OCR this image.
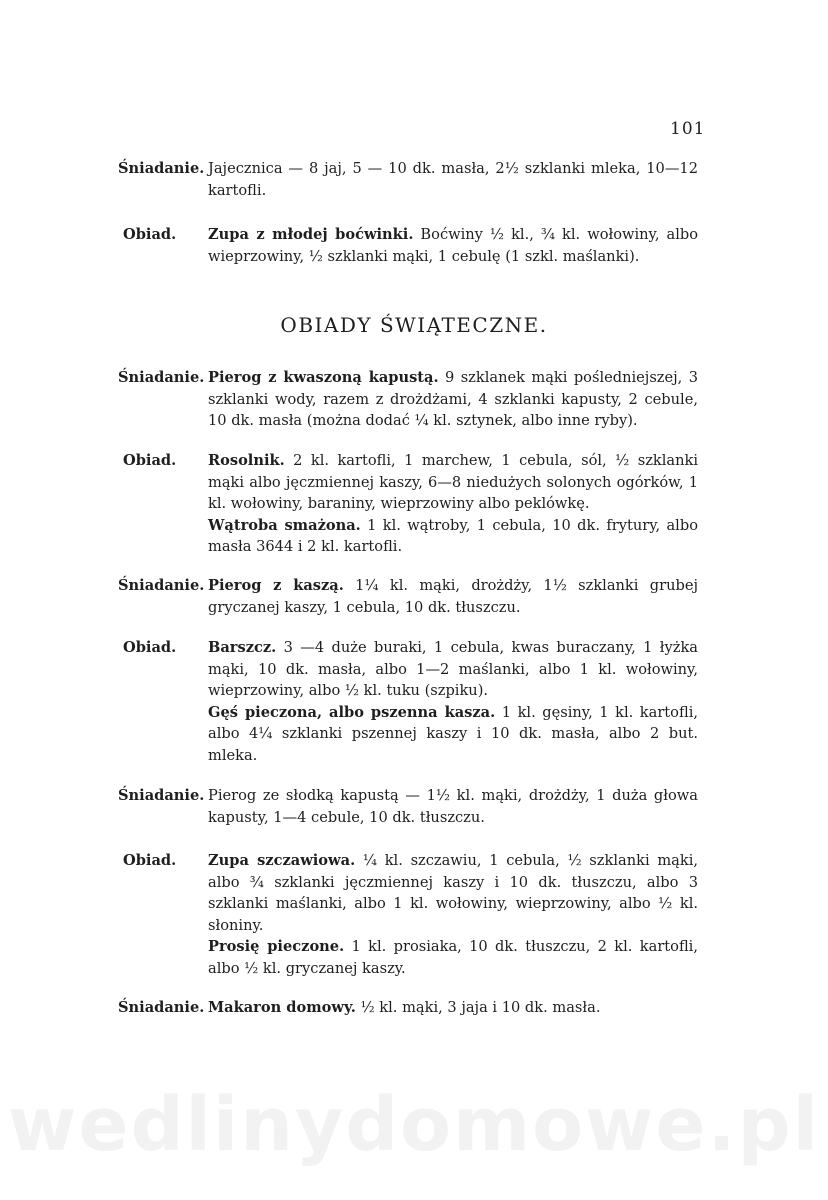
101
Śniadanie. Jajecznica — 8 jaj, 5 — 10 dk. masła, 2½ szklanki mleka, 10—12 kartofli.

Obiad.	Zupa z młodej boćwinki. Boćwiny ½ kl., ¾ kl. wołowiny, albo wieprzowiny, ½ szklanki mąki, 1 cebulę (1 szkl. maślanki).

OBIADY ŚWIĄTECZNE.
Śniadanie. Pierog z kwaszoną kapustą. 9 szklanek mąki pośledniejszej, 3 szklanki wody, razem z drożdżami, 4 szklanki kapusty, 2 cebule, 10 dk. masła (można dodać ¼ kl. sztynek, albo inne ryby).

Obiad.	Rosolnik. 2 kl. kartofli, 1 marchew, 1 cebula, sól, ½ szklanki mąki albo jęczmiennej kaszy, 6—8 niedużych solonych ogórków, 1 kl. wołowiny, baraniny, wieprzowiny albo peklówkę.

Wątroba smażona. 1 kl. wątroby, 1 cebula, 10 dk. frytury, albo masła 3644 i 2 kl. kartofli.

Śniadanie. Pierog z kaszą. 1¼ kl. mąki, drożdży, 1½ szklanki grubej gryczanej kaszy, 1 cebula, 10 dk. tłuszczu.

Obiad.	Barszcz. 3 —4 duże buraki, 1 cebula, kwas buraczany, 1 łyżka mąki, 10 dk. masła, albo 1—2 maślanki, albo 1 kl. wołowiny, wieprzowiny, albo ½ kl. tuku (szpiku).

Gęś pieczona, albo pszenna kasza. 1 kl. gęsiny, 1 kl. kartofli, albo 4¼ szklanki pszennej kaszy i 10 dk. masła, albo 2 but. mleka.

Śniadanie. Pierog ze słodką kapustą — 1½ kl. mąki, drożdży, 1 duża głowa kapusty, 1—4 cebule, 10 dk. tłuszczu.

Obiad.	Zupa szczawiowa. ¼ kl. szczawiu, 1 cebula, ½ szklanki mąki, albo ¾ szklanki jęczmiennej kaszy i 10 dk. tłuszczu, albo 3 szklanki maślanki, albo 1 kl. wołowiny, wieprzowiny, albo ½ kl. słoniny.

Prosię pieczone. 1 kl. prosiaka, 10 dk. tłuszczu, 2 kl. kartofli, albo ½ kl. gryczanej kaszy.

Śniadanie. Makaron domowy. ½ kl. mąki, 3 jaja i 10 dk. masła.

wedlinydomowe.pl
